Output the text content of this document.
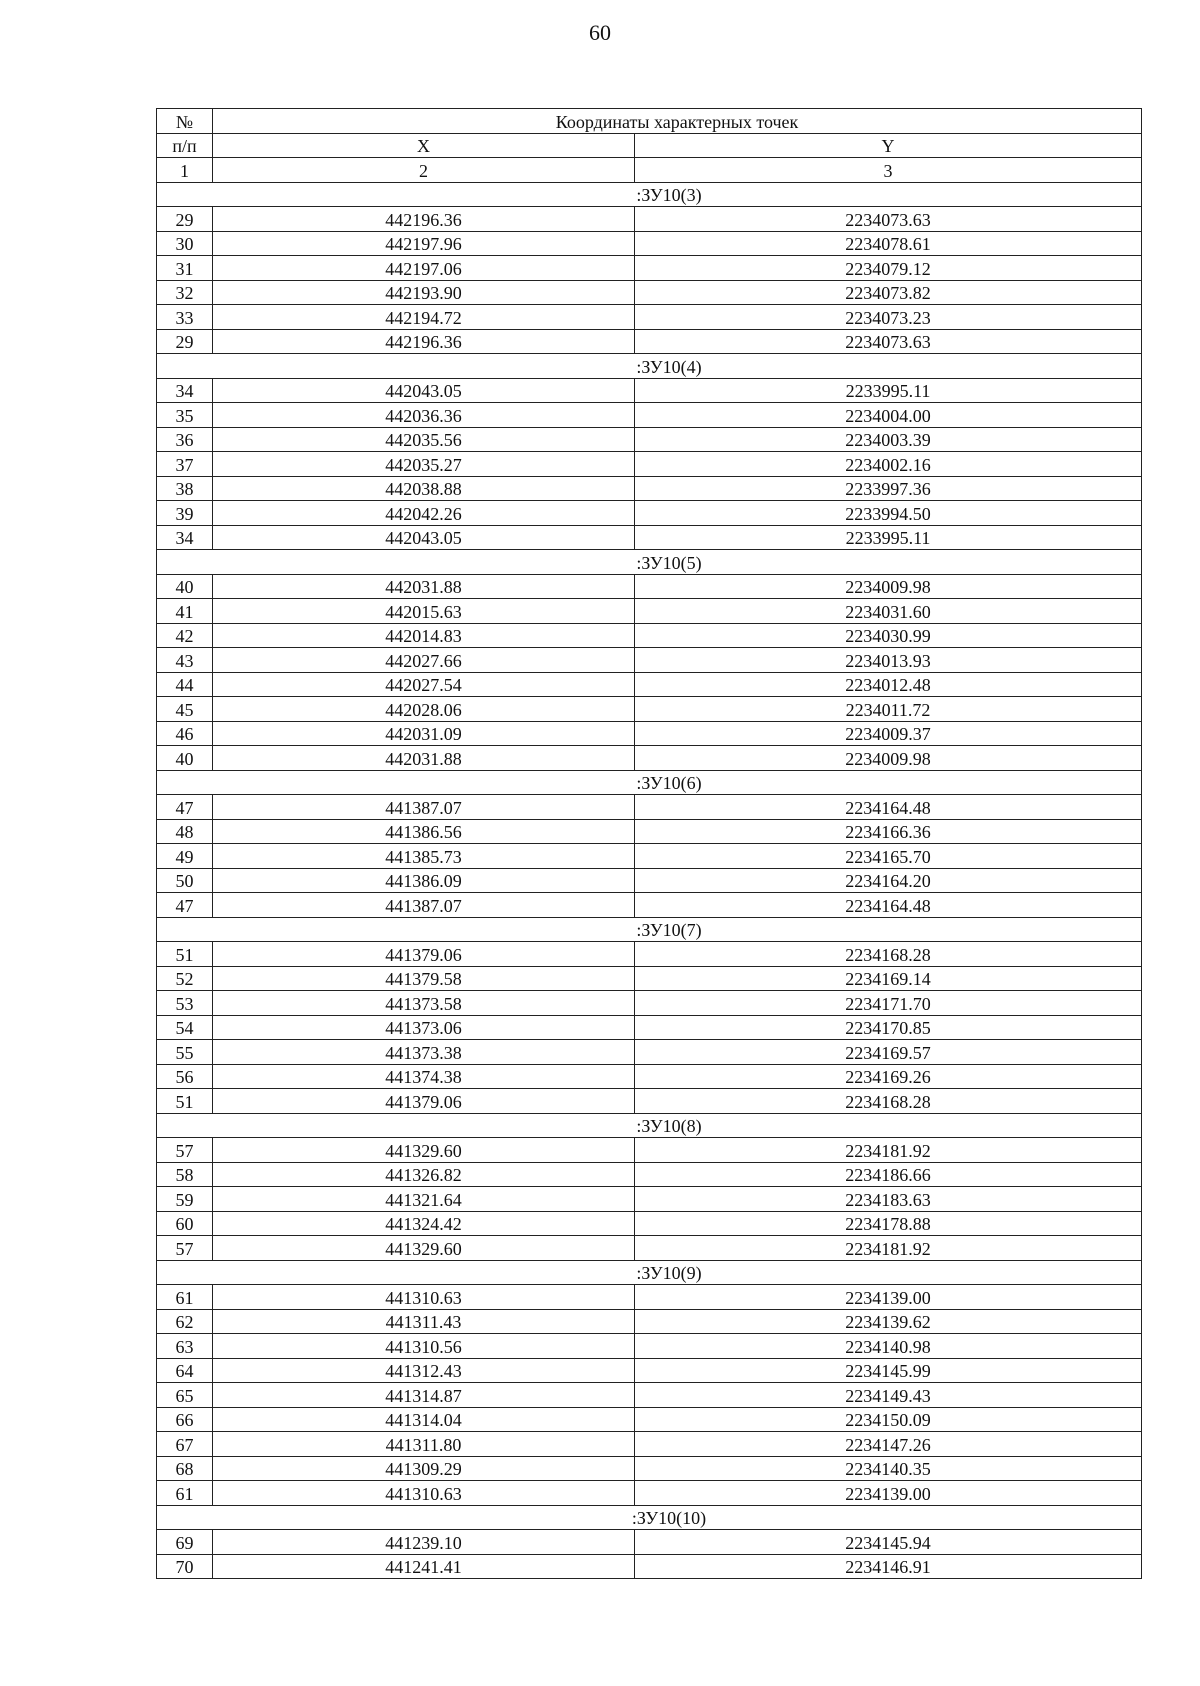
60
№	Координаты характерных точек	
п/п	X	Y
1	2	3
:ЗУ10(3)		
29	442196.36	2234073.63
30	442197.96	2234078.61
31	442197.06	2234079.12
32	442193.90	2234073.82
33	442194.72	2234073.23
29	442196.36	2234073.63
:ЗУ10(4)		
34	442043.05	2233995.11
35	442036.36	2234004.00
36	442035.56	2234003.39
37	442035.27	2234002.16
38	442038.88	2233997.36
39	442042.26	2233994.50
34	442043.05	2233995.11
:ЗУ10(5)		
40	442031.88	2234009.98
41	442015.63	2234031.60
42	442014.83	2234030.99
43	442027.66	2234013.93
44	442027.54	2234012.48
45	442028.06	2234011.72
46	442031.09	2234009.37
40	442031.88	2234009.98
:ЗУ10(6)		
47	441387.07	2234164.48
48	441386.56	2234166.36
49	441385.73	2234165.70
50	441386.09	2234164.20
47	441387.07	2234164.48
:ЗУ10(7)		
51	441379.06	2234168.28
52	441379.58	2234169.14
53	441373.58	2234171.70
54	441373.06	2234170.85
55	441373.38	2234169.57
56	441374.38	2234169.26
51	441379.06	2234168.28
:ЗУ10(8)		
57	441329.60	2234181.92
58	441326.82	2234186.66
59	441321.64	2234183.63
60	441324.42	2234178.88
57	441329.60	2234181.92
:ЗУ10(9)		
61	441310.63	2234139.00
62	441311.43	2234139.62
63	441310.56	2234140.98
64	441312.43	2234145.99
65	441314.87	2234149.43
66	441314.04	2234150.09
67	441311.80	2234147.26
68	441309.29	2234140.35
61	441310.63	2234139.00
:ЗУ10(10)		
69	441239.10	2234145.94
70	441241.41	2234146.91
